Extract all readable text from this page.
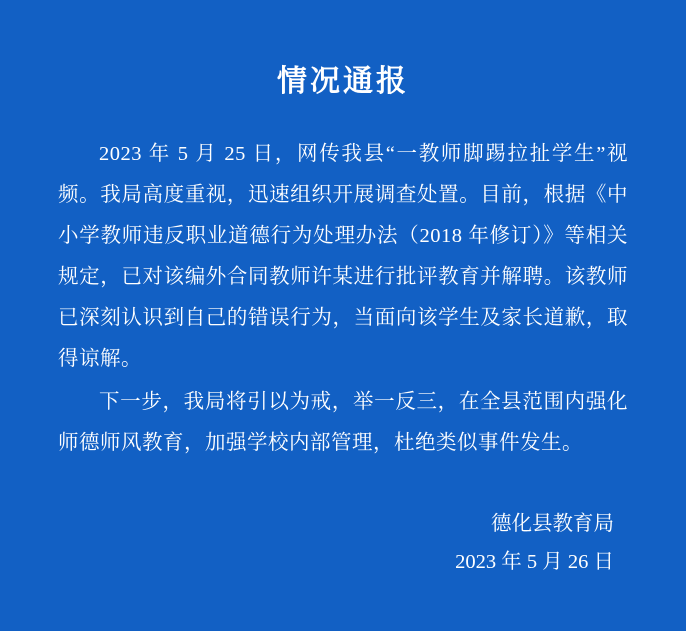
情况通报

2023 年 5 月 25 日，网传我县“一教师脚踢拉扯学生”视频。我局高度重视，迅速组织开展调查处置。目前，根据《中小学教师违反职业道德行为处理办法（2018 年修订）》等相关规定，已对该编外合同教师许某进行批评教育并解聘。该教师已深刻认识到自己的错误行为，当面向该学生及家长道歉，取得谅解。

下一步，我局将引以为戒，举一反三，在全县范围内强化师德师风教育，加强学校内部管理，杜绝类似事件发生。

德化县教育局
2023 年 5 月 26 日
